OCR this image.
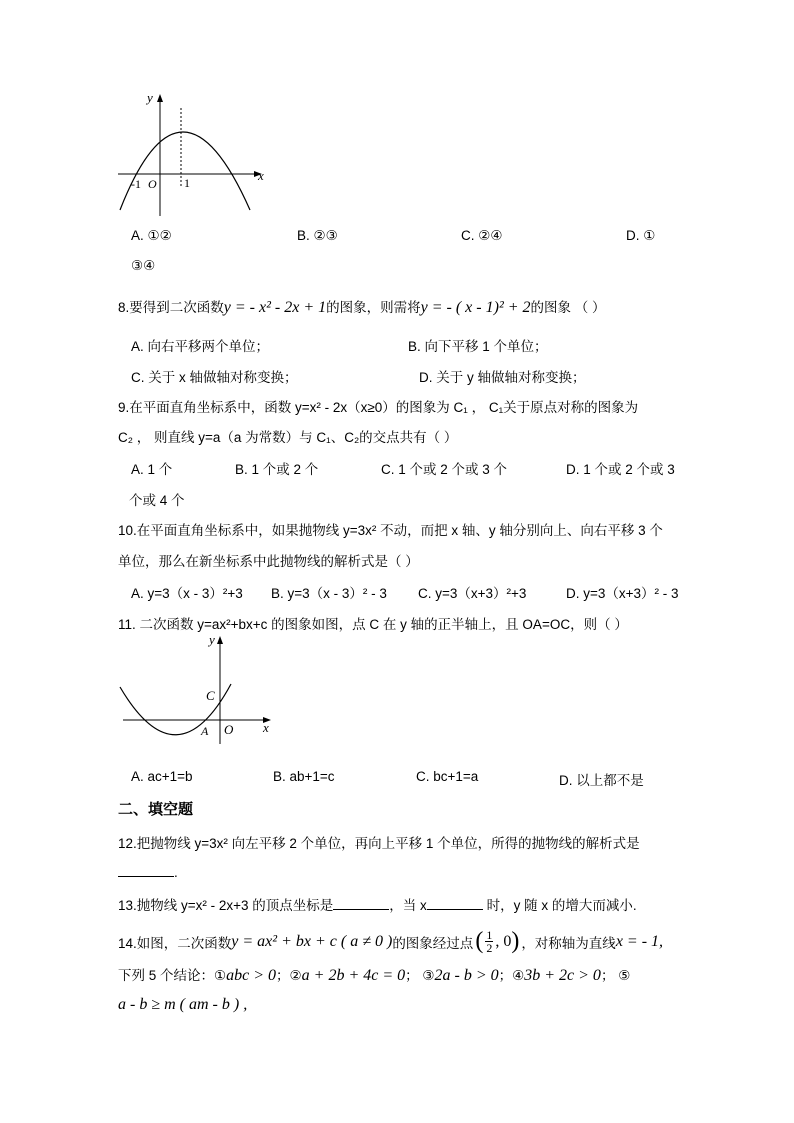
y
x
-1 O 1
A. ①②	B. ②③	C. ②④	D. ①
③④
8.要得到二次函数y = - x² - 2x + 1的图象，则需将y = - ( x - 1)² + 2的图象 （ ）
A. 向右平移两个单位；	B. 向下平移 1 个单位；
C. 关于 x 轴做轴对称变换；	D. 关于 y 轴做轴对称变换；
9.在平面直角坐标系中，函数 y=x² - 2x（x≥0）的图象为 C₁ ， C₁关于原点对称的图象为
C₂ ， 则直线 y=a（a 为常数）与 C₁、C₂的交点共有（ ）
A. 1 个	B. 1 个或 2 个	C. 1 个或 2 个或 3 个	D. 1 个或 2 个或 3
个或 4 个
10.在平面直角坐标系中，如果抛物线 y=3x² 不动，而把 x 轴、y 轴分别向上、向右平移 3 个
单位，那么在新坐标系中此抛物线的解析式是（ ）
A. y=3（x - 3）²+3 B. y=3（x - 3）² - 3 C. y=3（x+3）²+3	D. y=3（x+3）² - 3
11. 二次函数 y=ax²+bx+c 的图象如图，点 C 在 y 轴的正半轴上，且 OA=OC，则（ ）
y
x
C
A O
A. ac+1=b	B. ab+1=c	C. bc+1=a	D. 以上都不是
二、填空题
12.把抛物线 y=3x² 向左平移 2 个单位，再向上平移 1 个单位，所得的抛物线的解析式是
.
13.抛物线 y=x² - 2x+3 的顶点坐标是	，当 x	时，y 随 x 的增大而减小.
14.如图，二次函数 y = ax² + bx + c ( a ≠ 0 ) 的图象经过点 ( $\frac{1}{2}$ , 0 ) ，对称轴为直线 x = - 1,
下列 5 个结论：①abc > 0；②a + 2b + 4c = 0； ③2a - b > 0；④3b + 2c > 0； ⑤
a - b ≥ m ( am - b ) ,
